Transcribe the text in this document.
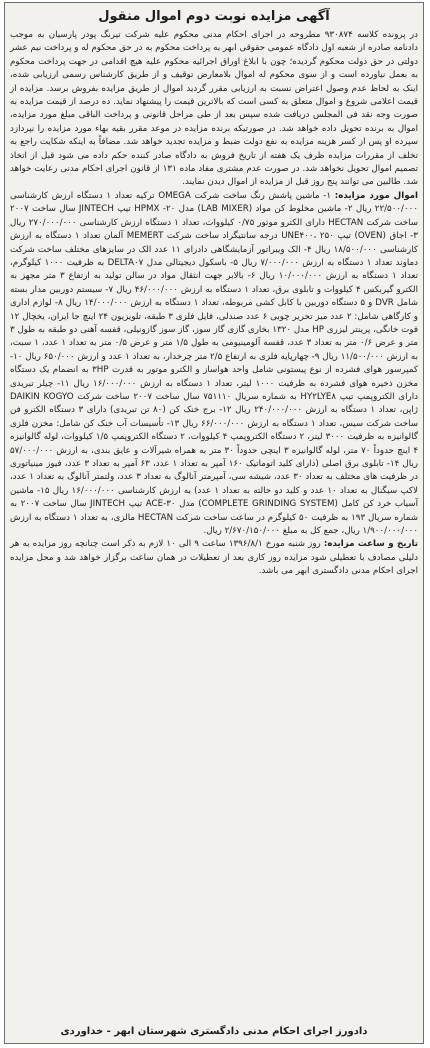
آگهی مزایده نوبت دوم اموال منقول

در پرونده کلاسه ۹۳۰۸۷۴ مطروحه در اجرای احکام مدنی محکوم علیه شرکت تیرنگ پودر پارسیان به موجب دادنامه صادره از شعبه اول دادگاه عمومی حقوقی ابهر به پرداخت محکوم به در حق محکوم له و پرداخت نیم عشر دولتی در حق دولت محکوم گردیده؛ چون با ابلاغ اوراق اجرائیه محکوم علیه هیچ اقدامی در جهت پرداخت محکوم به بعمل نیاورده است و از سوی محکوم له اموال بلامعارض توقیف و از طریق کارشناس رسمی ارزیابی شده، اینک به لحاظ عدم وصول اعتراض نسبت به ارزیابی مقرر گردید اموال از طریق مزایده بفروش برسد. مزایده از قیمت اعلامی شروع و اموال متعلق به کسی است که بالاترین قیمت را پیشنهاد نماید. ده درصد از قیمت مزایده به صورت وجه نقد فی المجلس دریافت شده سپس بعد از طی مراحل قانونی و پرداخت الباقی مبلغ مورد مزایده، اموال به برنده تحویل داده خواهد شد. در صورتیکه برنده مزایده در موعد مقرر بقیه بهاء مورد مزایده را نپردازد سپرده او پس از کسر هزینه مزایده به نفع دولت ضبط و مزایده تجدید خواهد شد. مضافاً به اینکه شکایت راجع به تخلف از مقررات مزایده ظرف یک هفته از تاریخ فروش به دادگاه صادر کننده حکم داده می شود قبل از اتخاذ تصمیم اموال تحویل نخواهد شد. در صورت عدم مشتری مفاد ماده ۱۳۱ از قانون اجرای احکام مدنی رعایت خواهد شد. طالبین می توانند پنج روز قبل از مزایده از اموال دیدن نمایند.

اموال مورد مزایده: ۱- ماشین پاشش رنگ ساخت شرکت OMEGA ترکیه تعداد ۱ دستگاه ارزش کارشناسی ۲۲/۵۰۰/۰۰۰ ریال ۲- ماشین مخلوط کن مواد (LAB MIXER) مدل ۲۰- HPMX تیپ JINTECH سال ساخت ۲۰۰۷ ساخت شرکت HECTAN دارای الکترو موتور ۰/۷۵ کیلووات، تعداد ۱ دستگاه ارزش کارشناسی ۲۷۰/۰۰۰/۰۰۰ ریال ۳- اجاق (OVEN) تیپ UNE۴۰۰، ۲۵۰ درجه سانتیگراد ساخت شرکت MEMERT آلمان تعداد ۱ دستگاه به ارزش کارشناسی ۱۸/۵۰۰/۰۰۰ ریال ۴- الک ویبراتور آزمایشگاهی دادرای ۱۱ عدد الک در سایزهای مختلف ساخت شرکت دماوند تعداد ۱ دستگاه به ارزش ۷/۰۰۰/۰۰۰ ریال ۵- باسکول دیجیتالی مدل DELTA۰۷ به ظرفیت ۱۰۰۰ کیلوگرم، تعداد ۱ دستگاه به ارزش ۱۰/۰۰۰/۰۰۰ ریال ۶- بالابر جهت انتقال مواد در سالن تولید به ارتفاع ۳ متر مجهز به الکترو گیربکس ۴ کیلووات و تابلوی برق، تعداد ۱ دستگاه به ارزش ۴۶/۰۰۰/۰۰۰ ریال ۷- سیستم دوربین مدار بسته شامل DVR و ۵ دستگاه دوربین با کابل کشی مربوطه، تعداد ۱ دستگاه به ارزش ۱۴/۰۰۰/۰۰۰ ریال ۸- لوازم اداری و کارگاهی شامل: ۲ عدد میز تحریر چوبی ۶ عدد صندلی، فایل فلزی ۳ طبقه، تلویزیون ۲۴ اینچ جا ایران، یخچال ۱۲ فوت خانگی، پرینتر لیزری HP مدل ۱۳۲۰ بخاری گازی گاز سوز، گاز سوز گازونیلی، قفسه آهنی دو طبقه به طول ۳ متر و عرض ۰/۶ متر به تعداد ۳ عدد، قفسه آلومینیومی به طول ۱/۵ متر و عرض ۰/۵ متر به تعداد ۱ عدد، ۱ سبت، به ارزش ۱۱/۵۰۰/۰۰۰ ریال ۹- چهارپایه فلزی به ارتفاع ۲/۵ متر چرخدار، به تعداد ۱ عدد و ارزش ۶۵۰/۰۰۰ ریال ۱۰- کمپرسور هوای فشرده از نوع پیستونی شامل واحد هواساز و الکترو موتور به قدرت ۳HP به انضمام یک دستگاه مخزن ذخیره هوای فشرده به ظرفیت ۱۰۰۰ لیتر، تعداد ۱ دستگاه به ارزش ۱۶/۰۰۰/۰۰۰ ریال ۱۱- چیلر تبریدی دارای الکتروپمپ تیپ HY۲LYE۸ به شماره سریال ۷۵۱۱۱۰ سال ساخت ۲۰۰۷ ساخت شرکت DAIKIN KOGYO ژاپن، تعداد ۱ دستگاه به ارزش ۲۴۰/۰۰۰/۰۰۰ ریال ۱۲- برج خنک کن (۸۰ تن تبریدی) دارای ۳ دستگاه الکترو فن ساخت شرکت سیس، تعداد ۱ دستگاه به ارزش ۶۶/۰۰۰/۰۰۰ ریال ۱۳- تأسیسات آب خنک کن شامل: مخزن فلزی گالوانیزه به ظرفیت ۳۰۰۰ لیتر، ۲ دستگاه الکتروپمپ ۴ کیلووات، ۲ دستگاه الکتروپمپ ۱/۵ کیلووات، لوله گالوانیزه ۴ اینچ حدوداً ۷۰ متر، لوله گالوانیزه ۳ اینچی حدوداً ۳۰ متر به همراه شیرآلات و عایق بندی، به ارزش ۵۷/۰۰۰/۰۰۰ ریال ۱۴- تابلوی برق اصلی (دارای کلید اتوماتیک ۱۶۰ آمپر به تعداد ۱ عدد، ۶۳ آمپر به تعداد ۳ عدد، فیوز مینیاتوری در ظرفیت های مختلف به تعداد ۳۰ عدد، شیشه سی، آمپرمتر آنالوگ به تعداد ۳ عدد، ولتمتر آنالوگ به تعداد ۱ عدد، لاکپ سیگنال به تعداد ۱۰ عدد و کلید دو حالته به تعداد ۱ عدد) به ارزش کارشناسی ۱۶/۰۰۰/۰۰۰ ریال ۱۵- ماشین آسیاب خرد کن کامل (COMPLETE GRINDING SYSTEM) مدل ۳۰-ACE تیپ JINTECH سال ساخت ۲۰۰۷ به شماره سریال ۱۹۳ به ظرفیت ۵۰ کیلوگرم در ساعت ساخت شرکت HECTAN مالزی، به تعداد ۱ دستگاه به ارزش ۱/۹۰۰/۰۰۰/۰۰۰ ریال، جمع کل به مبلغ ۲/۶۷۰/۱۵۰/۰۰۰ ریال.

تاریخ و ساعت مزایده: روز شنبه مورخ ۱۳۹۶/۸/۱ ساعت ۹ الی ۱۰ لازم به ذکر است چنانچه روز مزایده به هر دلیلی مصادف با تعطیلی شود مزایده روز کاری بعد از تعطیلات در همان ساعت برگزار خواهد شد و محل مزایده اجرای احکام مدنی دادگستری ابهر می باشد.

دادورز اجرای احکام مدنی دادگستری شهرستان ابهر - خداوردی
